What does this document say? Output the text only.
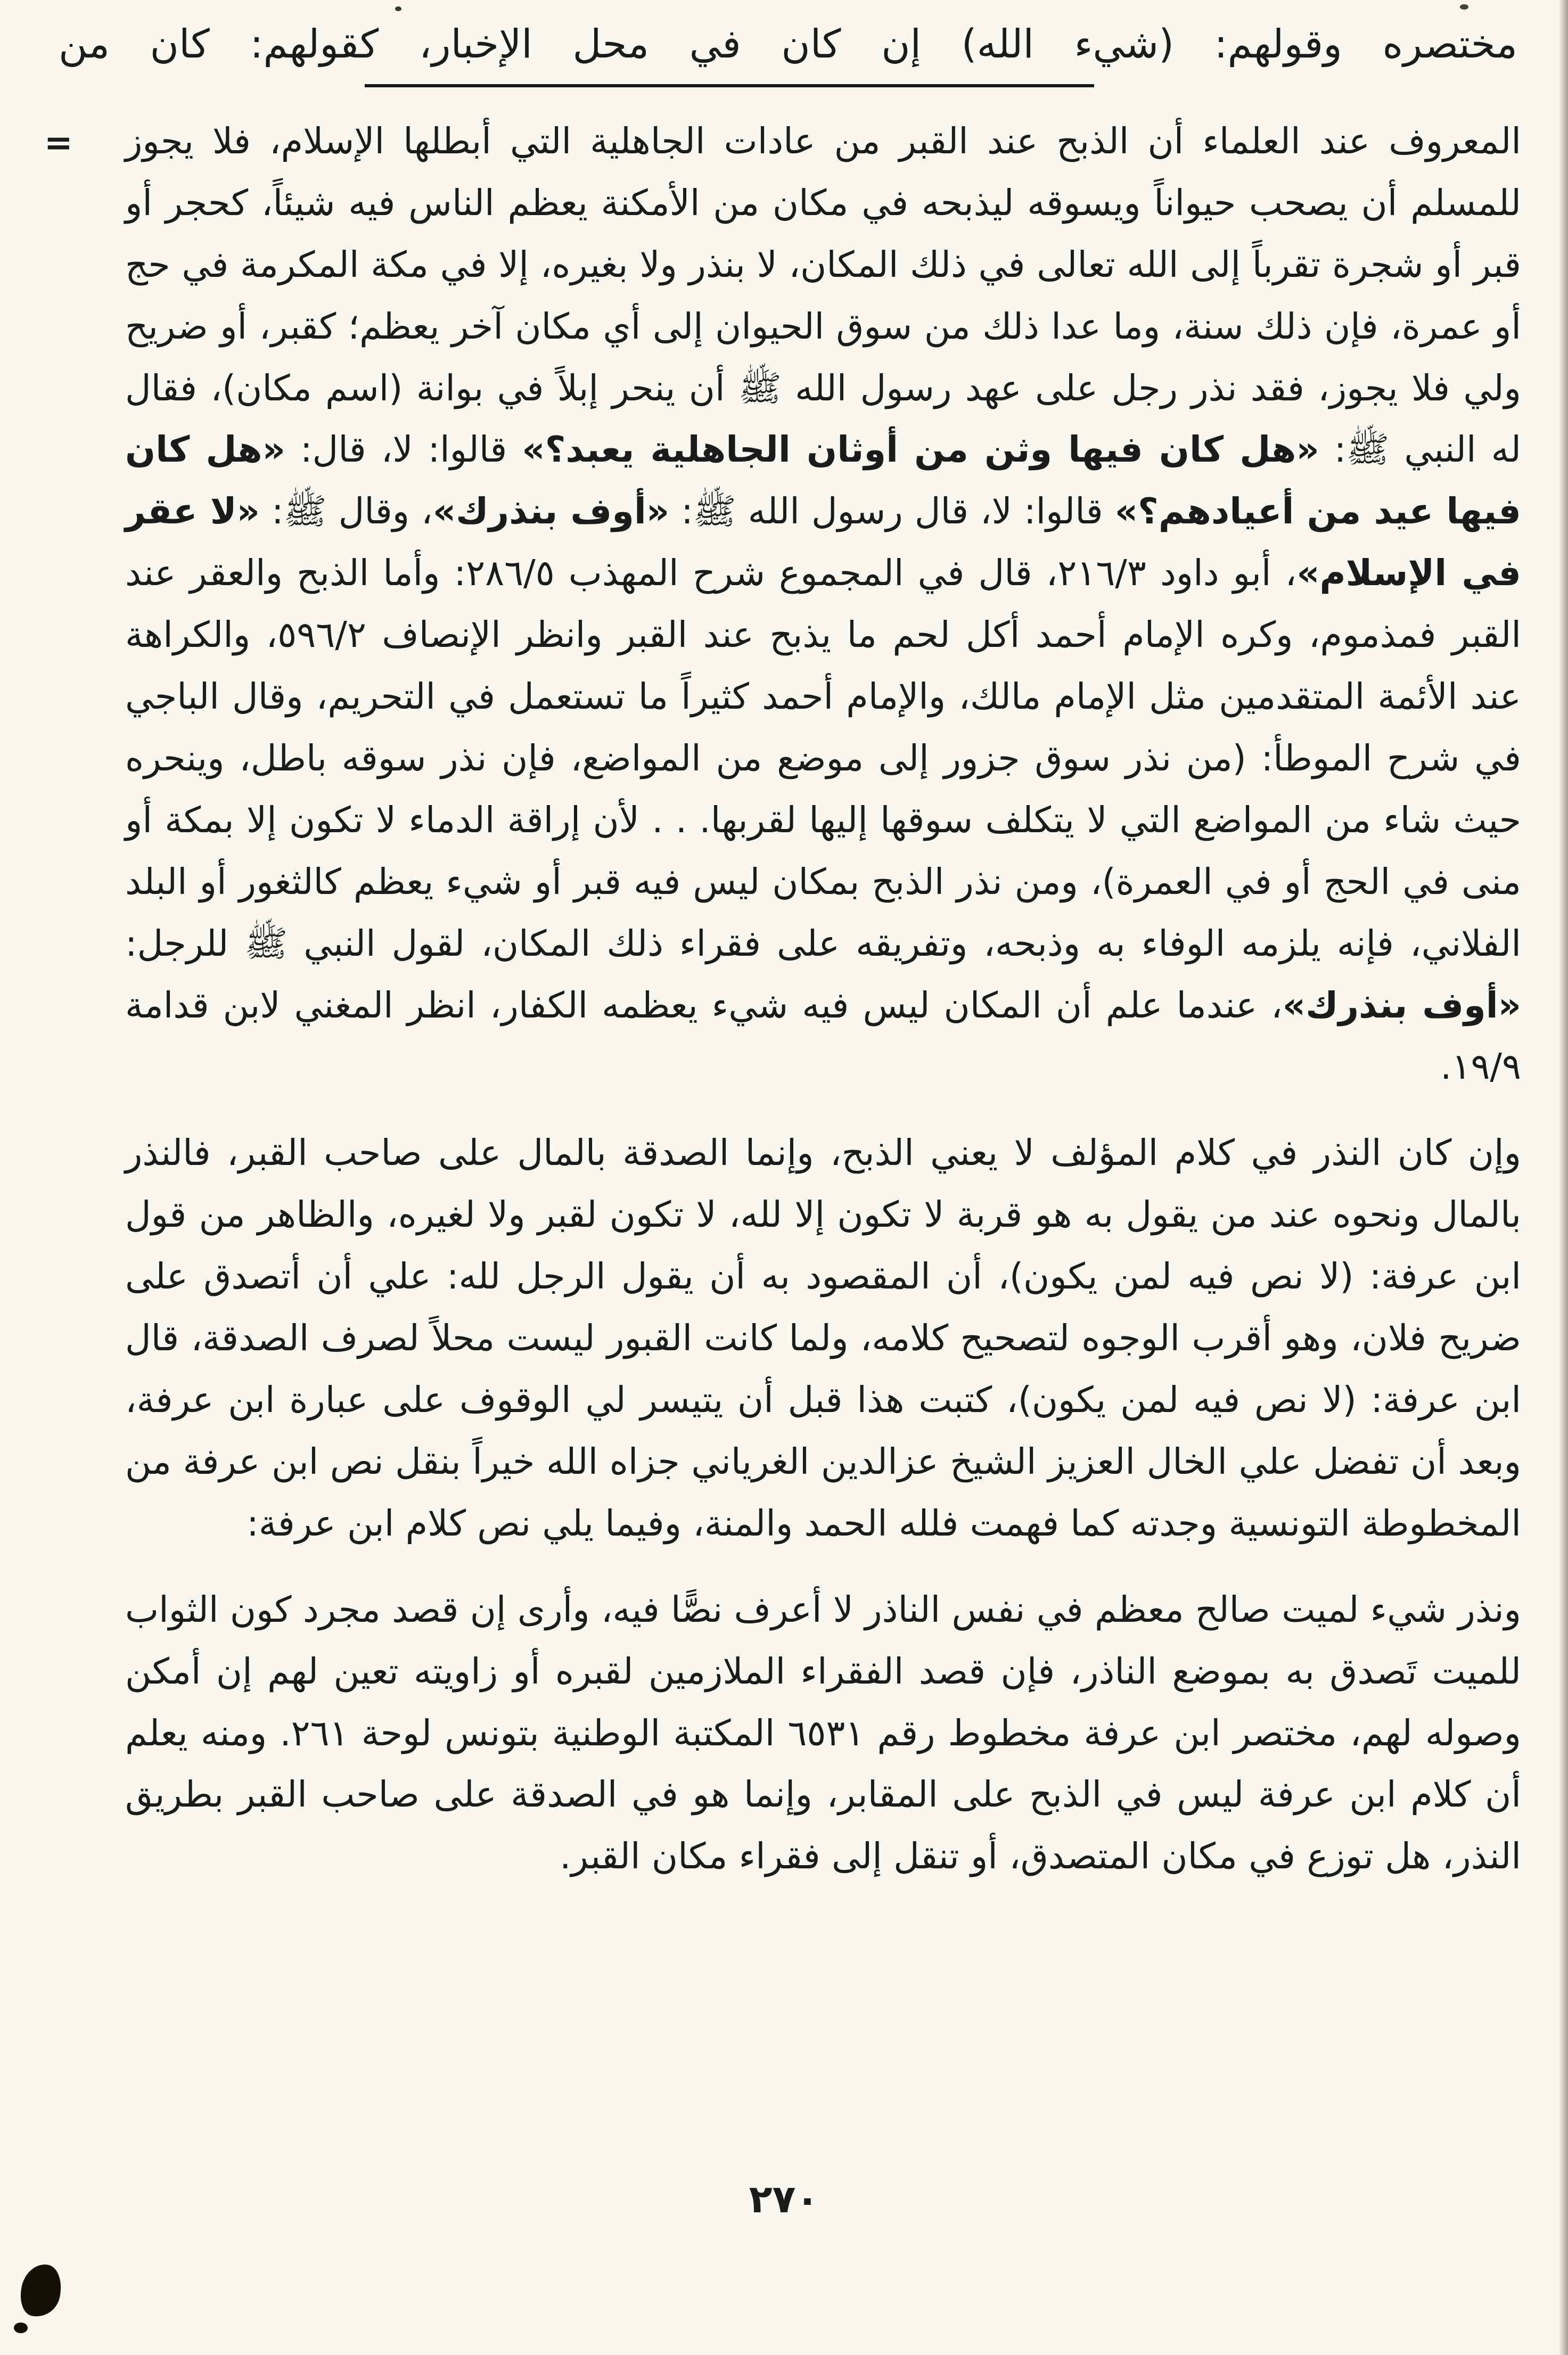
مختصره وقولهم: (شيء الله) إن كان في محل الإخبار، كقولهم: كان من
= المعروف عند العلماء أن الذبح عند القبر من عادات الجاهلية التي أبطلها الإسلام، فلا يجوز للمسلم أن يصحب حيواناً ويسوقه ليذبحه في مكان من الأمكنة يعظم الناس فيه شيئاً، كحجر أو قبر أو شجرة تقرباً إلى الله تعالى في ذلك المكان، لا بنذر ولا بغيره، إلا في مكة المكرمة في حج أو عمرة، فإن ذلك سنة، وما عدا ذلك من سوق الحيوان إلى أي مكان آخر يعظم؛ كقبر، أو ضريح ولي فلا يجوز، فقد نذر رجل على عهد رسول الله ﷺ أن ينحر إبلاً في بوانة (اسم مكان)، فقال له النبي ﷺ: «هل كان فيها وثن من أوثان الجاهلية يعبد؟» قالوا: لا، قال: «هل كان فيها عيد من أعيادهم؟» قالوا: لا، قال رسول الله ﷺ: «أوف بنذرك»، وقال ﷺ: «لا عقر في الإسلام»، أبو داود ٢١٦/٣، قال في المجموع شرح المهذب ٢٨٦/٥: وأما الذبح والعقر عند القبر فمذموم، وكره الإمام أحمد أكل لحم ما يذبح عند القبر وانظر الإنصاف ٥٩٦/٢، والكراهة عند الأئمة المتقدمين مثل الإمام مالك، والإمام أحمد كثيراً ما تستعمل في التحريم، وقال الباجي في شرح الموطأ: (من نذر سوق جزور إلى موضع من المواضع، فإن نذر سوقه باطل، وينحره حيث شاء من المواضع التي لا يتكلف سوقها إليها لقربها. . . لأن إراقة الدماء لا تكون إلا بمكة أو منى في الحج أو في العمرة)، ومن نذر الذبح بمكان ليس فيه قبر أو شيء يعظم كالثغور أو البلد الفلاني، فإنه يلزمه الوفاء به وذبحه، وتفريقه على فقراء ذلك المكان، لقول النبي ﷺ للرجل: «أوف بنذرك»، عندما علم أن المكان ليس فيه شيء يعظمه الكفار، انظر المغني لابن قدامة ١٩/٩.

وإن كان النذر في كلام المؤلف لا يعني الذبح، وإنما الصدقة بالمال على صاحب القبر، فالنذر بالمال ونحوه عند من يقول به هو قربة لا تكون إلا لله، لا تكون لقبر ولا لغيره، والظاهر من قول ابن عرفة: (لا نص فيه لمن يكون)، أن المقصود به أن يقول الرجل لله: علي أن أتصدق على ضريح فلان، وهو أقرب الوجوه لتصحيح كلامه، ولما كانت القبور ليست محلاً لصرف الصدقة، قال ابن عرفة: (لا نص فيه لمن يكون)، كتبت هذا قبل أن يتيسر لي الوقوف على عبارة ابن عرفة، وبعد أن تفضل علي الخال العزيز الشيخ عزالدين الغرياني جزاه الله خيراً بنقل نص ابن عرفة من المخطوطة التونسية وجدته كما فهمت فلله الحمد والمنة، وفيما يلي نص كلام ابن عرفة:

ونذر شيء لميت صالح معظم في نفس الناذر لا أعرف نصًّا فيه، وأرى إن قصد مجرد كون الثواب للميت تَصدق به بموضع الناذر، فإن قصد الفقراء الملازمين لقبره أو زاويته تعين لهم إن أمكن وصوله لهم، مختصر ابن عرفة مخطوط رقم ٦٥٣١ المكتبة الوطنية بتونس لوحة ٢٦١. ومنه يعلم أن كلام ابن عرفة ليس في الذبح على المقابر، وإنما هو في الصدقة على صاحب القبر بطريق النذر، هل توزع في مكان المتصدق، أو تنقل إلى فقراء مكان القبر.

٢٧٠
